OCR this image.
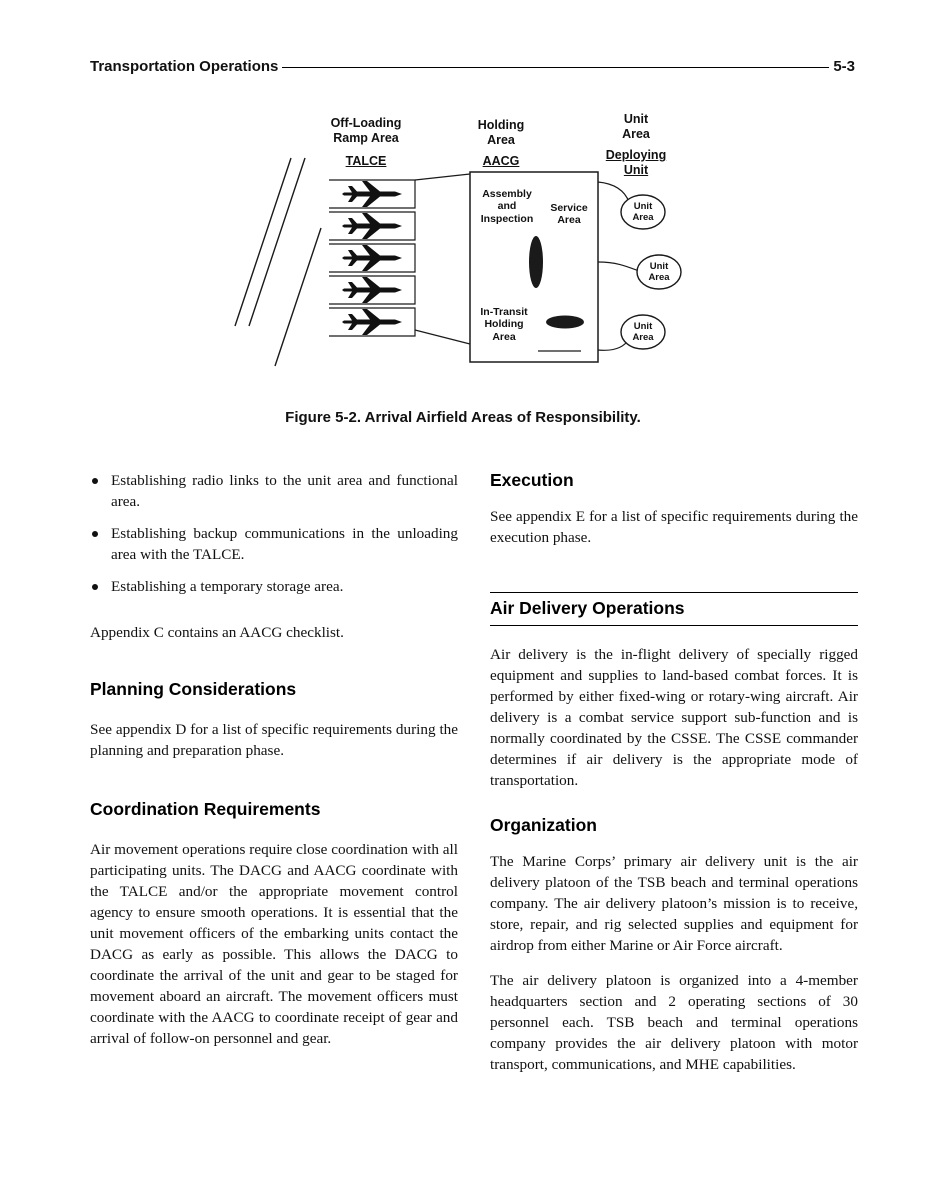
Transportation Operations	5-3
Off-Loading Ramp Area
TALCE
Holding Area
AACG
Unit Area
Deploying Unit
Assembly and Inspection
Service Area
In-Transit Holding Area
Unit Area
Unit Area
Unit Area
Figure 5-2. Arrival Airfield Areas of Responsibility.
Establishing radio links to the unit area and functional area.
Establishing backup communications in the unloading area with the TALCE.
Establishing a temporary storage area.

Appendix C contains an AACG checklist.

Planning Considerations

See appendix D for a list of specific requirements during the planning and preparation phase.

Coordination Requirements

Air movement operations require close coordination with all participating units. The DACG and AACG coordinate with the TALCE and/or the appropriate movement control agency to ensure smooth operations. It is essential that the unit movement officers of the embarking units contact the DACG as early as possible. This allows the DACG to coordinate the arrival of the unit and gear to be staged for movement aboard an aircraft. The movement officers must coordinate with the AACG to coordinate receipt of gear and arrival of follow-on personnel and gear.

Execution

See appendix E for a list of specific requirements during the execution phase.

Air Delivery Operations

Air delivery is the in-flight delivery of specially rigged equipment and supplies to land-based combat forces. It is performed by either fixed-wing or rotary-wing aircraft. Air delivery is a combat service support sub-function and is normally coordinated by the CSSE. The CSSE commander determines if air delivery is the appropriate mode of transportation.

Organization

The Marine Corps’ primary air delivery unit is the air delivery platoon of the TSB beach and terminal operations company. The air delivery platoon’s mission is to receive, store, repair, and rig selected supplies and equipment for airdrop from either Marine or Air Force aircraft.

The air delivery platoon is organized into a 4-member headquarters section and 2 operating sections of 30 personnel each. TSB beach and terminal operations company provides the air delivery platoon with motor transport, communications, and MHE capabilities.
